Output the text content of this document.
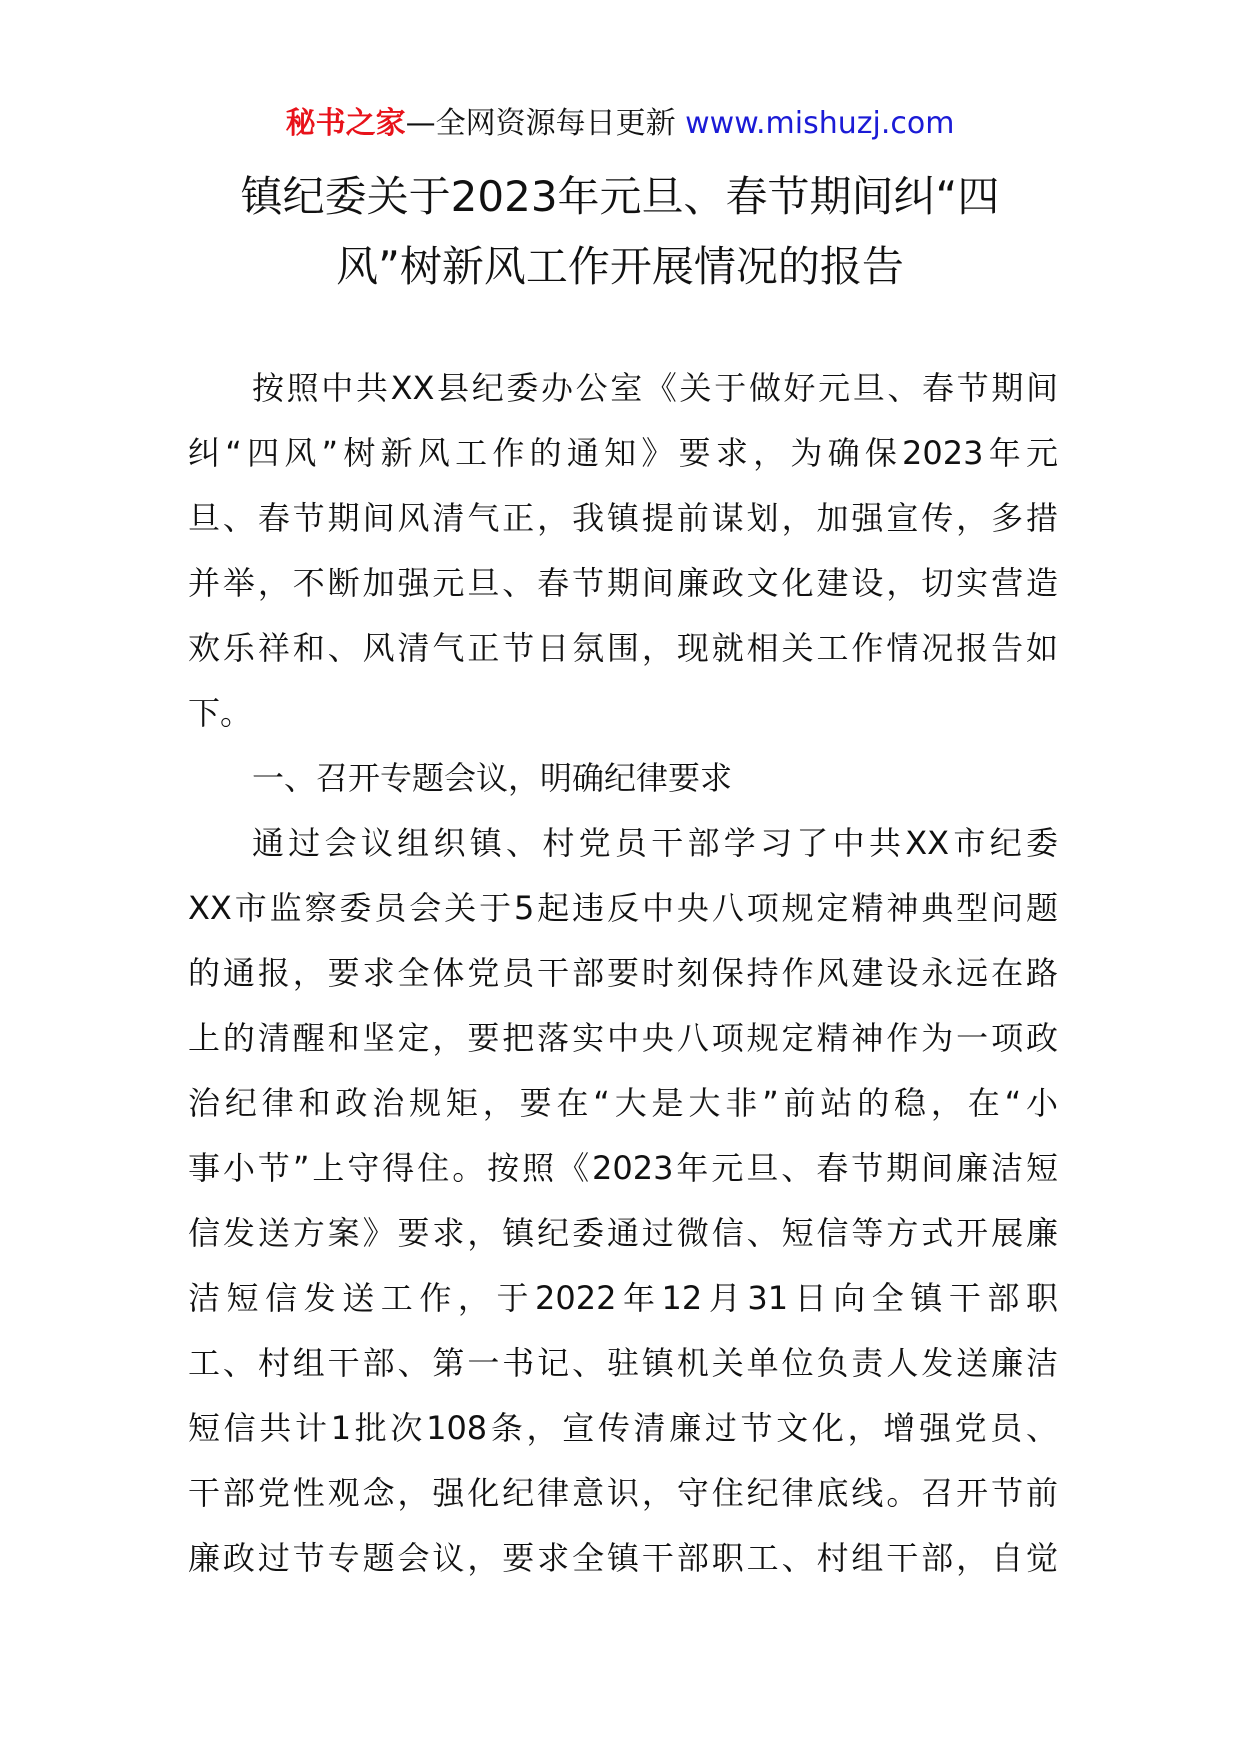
秘书之家—全网资源每日更新 www.mishuzj.com
镇纪委关于2023年元旦、春节期间纠“四
风”树新风工作开展情况的报告
按照中共XX县纪委办公室《关于做好元旦、春节期间
纠“四风”树新风工作的通知》要求，为确保2023年元
旦、春节期间风清气正，我镇提前谋划，加强宣传，多措
并举，不断加强元旦、春节期间廉政文化建设，切实营造
欢乐祥和、风清气正节日氛围，现就相关工作情况报告如
下。
一、召开专题会议，明确纪律要求
通过会议组织镇、村党员干部学习了中共XX市纪委
XX市监察委员会关于5起违反中央八项规定精神典型问题
的通报，要求全体党员干部要时刻保持作风建设永远在路
上的清醒和坚定，要把落实中央八项规定精神作为一项政
治纪律和政治规矩，要在“大是大非”前站的稳，在“小
事小节”上守得住。按照《2023年元旦、春节期间廉洁短
信发送方案》要求，镇纪委通过微信、短信等方式开展廉
洁短信发送工作，于2022年12月31日向全镇干部职
工、村组干部、第一书记、驻镇机关单位负责人发送廉洁
短信共计1批次108条，宣传清廉过节文化，增强党员、
干部党性观念，强化纪律意识，守住纪律底线。召开节前
廉政过节专题会议，要求全镇干部职工、村组干部，自觉
